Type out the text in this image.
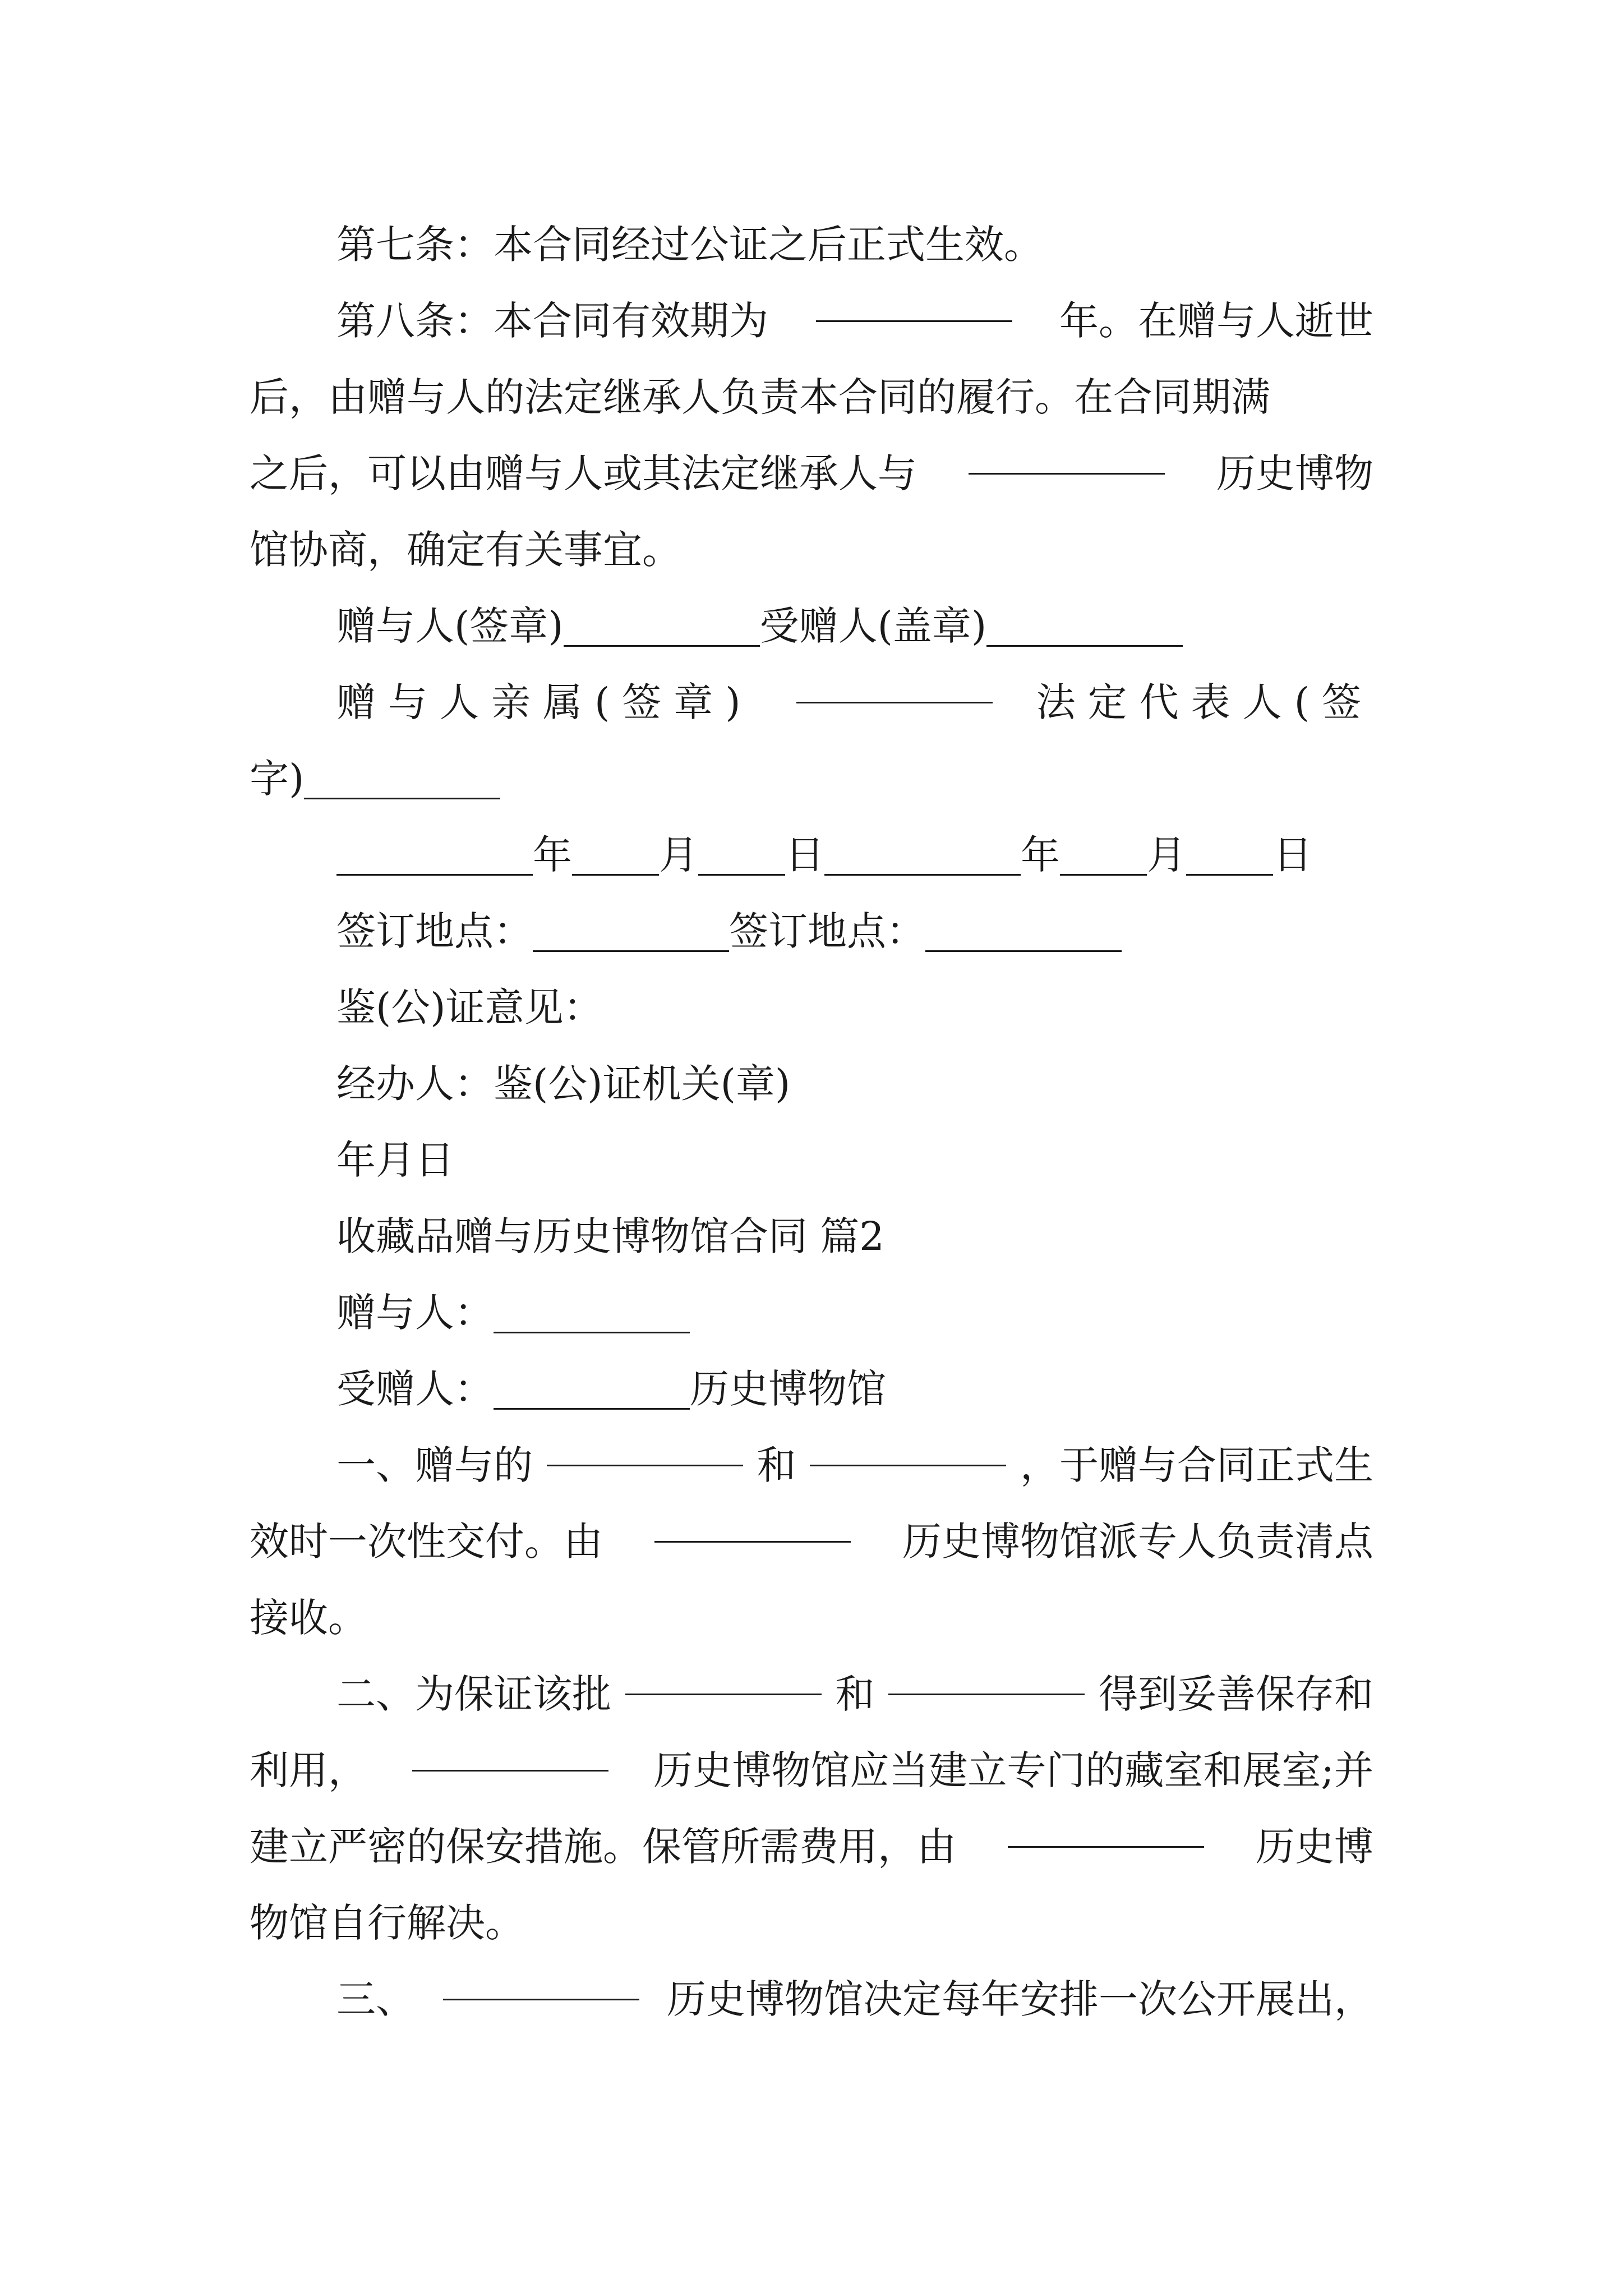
第七条：本合同经过公证之后正式生效。
第八条：本合同有效期为	年。在赠与人逝世
后，由赠与人的法定继承人负责本合同的履行。在合同期满
之后，可以由赠与人或其法定继承人与	历史博物
馆协商，确定有关事宜。
赠与人(签章)	受赠人(盖章)
赠与人亲属(签章)	法定代表人(签
字)
年 月 日	年 月 日
签订地点：	签订地点：
鉴(公)证意见：
经办人：鉴(公)证机关(章)
年月日
收藏品赠与历史博物馆合同 篇2
赠与人：
受赠人：	历史博物馆
一、赠与的	和	，于赠与合同正式生
效时一次性交付。由	历史博物馆派专人负责清点
接收。
二、为保证该批	和	得到妥善保存和
利用，	历史博物馆应当建立专门的藏室和展室;并
建立严密的保安措施。保管所需费用，由	历史博
物馆自行解决。
三、	历史博物馆决定每年安排一次公开展出，
